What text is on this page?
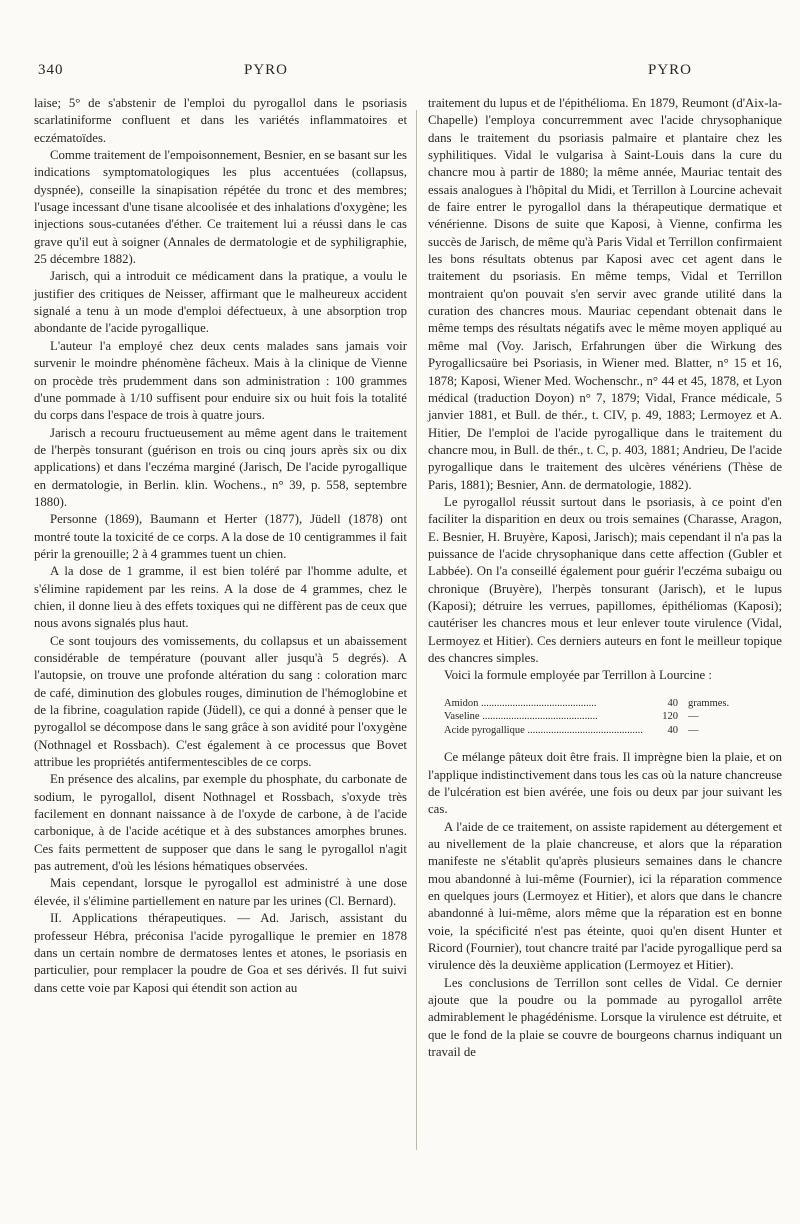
340	PYRO	PYRO

laise; 5° de s'abstenir de l'emploi du pyrogallol dans le psoriasis scarlatiniforme confluent et dans les variétés inflammatoires et eczématoïdes.

Comme traitement de l'empoisonnement, Besnier, en se basant sur les indications symptomatologiques les plus accentuées (collapsus, dyspnée), conseille la sinapisation répétée du tronc et des membres; l'usage incessant d'une tisane alcoolisée et des inhalations d'oxygène; les injections sous-cutanées d'éther. Ce traitement lui a réussi dans le cas grave qu'il eut à soigner (Annales de dermatologie et de syphiligraphie, 25 décembre 1882).

Jarisch, qui a introduit ce médicament dans la pratique, a voulu le justifier des critiques de Neisser, affirmant que le malheureux accident signalé a tenu à un mode d'emploi défectueux, à une absorption trop abondante de l'acide pyrogallique.

L'auteur l'a employé chez deux cents malades sans jamais voir survenir le moindre phénomène fâcheux. Mais à la clinique de Vienne on procède très prudemment dans son administration : 100 grammes d'une pommade à 1/10 suffisent pour enduire six ou huit fois la totalité du corps dans l'espace de trois à quatre jours.

Jarisch a recouru fructueusement au même agent dans le traitement de l'herpès tonsurant (guérison en trois ou cinq jours après six ou dix applications) et dans l'eczéma marginé (Jarisch, De l'acide pyrogallique en dermatologie, in Berlin. klin. Wochens., n° 39, p. 558, septembre 1880).

Personne (1869), Baumann et Herter (1877), Jüdell (1878) ont montré toute la toxicité de ce corps. A la dose de 10 centigrammes il fait périr la grenouille; 2 à 4 grammes tuent un chien.

A la dose de 1 gramme, il est bien toléré par l'homme adulte, et s'élimine rapidement par les reins. A la dose de 4 grammes, chez le chien, il donne lieu à des effets toxiques qui ne diffèrent pas de ceux que nous avons signalés plus haut.

Ce sont toujours des vomissements, du collapsus et un abaissement considérable de température (pouvant aller jusqu'à 5 degrés). A l'autopsie, on trouve une profonde altération du sang : coloration marc de café, diminution des globules rouges, diminution de l'hémoglobine et de la fibrine, coagulation rapide (Jüdell), ce qui a donné à penser que le pyrogallol se décompose dans le sang grâce à son avidité pour l'oxygène (Nothnagel et Rossbach). C'est également à ce processus que Bovet attribue les propriétés antifermentescibles de ce corps.

En présence des alcalins, par exemple du phosphate, du carbonate de sodium, le pyrogallol, disent Nothnagel et Rossbach, s'oxyde très facilement en donnant naissance à de l'oxyde de carbone, à de l'acide carbonique, à de l'acide acétique et à des substances amorphes brunes. Ces faits permettent de supposer que dans le sang le pyrogallol n'agit pas autrement, d'où les lésions hématiques observées.

Mais cependant, lorsque le pyrogallol est administré à une dose élevée, il s'élimine partiellement en nature par les urines (Cl. Bernard).

II. Applications thérapeutiques. — Ad. Jarisch, assistant du professeur Hébra, préconisa l'acide pyrogallique le premier en 1878 dans un certain nombre de dermatoses lentes et atones, le psoriasis en particulier, pour remplacer la poudre de Goa et ses dérivés. Il fut suivi dans cette voie par Kaposi qui étendit son action au

traitement du lupus et de l'épithélioma. En 1879, Reumont (d'Aix-la-Chapelle) l'employa concurremment avec l'acide chrysophanique dans le traitement du psoriasis palmaire et plantaire chez les syphilitiques. Vidal le vulgarisa à Saint-Louis dans la cure du chancre mou à partir de 1880; la même année, Mauriac tentait des essais analogues à l'hôpital du Midi, et Terrillon à Lourcine achevait de faire entrer le pyrogallol dans la thérapeutique dermatique et vénérienne. Disons de suite que Kaposi, à Vienne, confirma les succès de Jarisch, de même qu'à Paris Vidal et Terrillon confirmaient les bons résultats obtenus par Kaposi avec cet agent dans le traitement du psoriasis. En même temps, Vidal et Terrillon montraient qu'on pouvait s'en servir avec grande utilité dans la curation des chancres mous. Mauriac cependant obtenait dans le même temps des résultats négatifs avec le même moyen appliqué au même mal (Voy. Jarisch, Erfahrungen über die Wirkung des Pyrogallicsaüre bei Psoriasis, in Wiener med. Blatter, n° 15 et 16, 1878; Kaposi, Wiener Med. Wochenschr., n° 44 et 45, 1878, et Lyon médical (traduction Doyon) n° 7, 1879; Vidal, France médicale, 5 janvier 1881, et Bull. de thér., t. CIV, p. 49, 1883; Lermoyez et A. Hitier, De l'emploi de l'acide pyrogallique dans le traitement du chancre mou, in Bull. de thér., t. C, p. 403, 1881; Andrieu, De l'acide pyrogallique dans le traitement des ulcères vénériens (Thèse de Paris, 1881); Besnier, Ann. de dermatologie, 1882).

Le pyrogallol réussit surtout dans le psoriasis, à ce point d'en faciliter la disparition en deux ou trois semaines (Charasse, Aragon, E. Besnier, H. Bruyère, Kaposi, Jarisch); mais cependant il n'a pas la puissance de l'acide chrysophanique dans cette affection (Gubler et Labbée). On l'a conseillé également pour guérir l'eczéma subaigu ou chronique (Bruyère), l'herpès tonsurant (Jarisch), et le lupus (Kaposi); détruire les verrues, papillomes, épithéliomas (Kaposi); cautériser les chancres mous et leur enlever toute virulence (Vidal, Lermoyez et Hitier). Ces derniers auteurs en font le meilleur topique des chancres simples.

Voici la formule employée par Terrillon à Lourcine :

Amidon .....	40 grammes.
Vaseline .....	120 —
Acide pyrogallique .....	40 —

Ce mélange pâteux doit être frais. Il imprègne bien la plaie, et on l'applique indistinctivement dans tous les cas où la nature chancreuse de l'ulcération est bien avérée, une fois ou deux par jour suivant les cas.

A l'aide de ce traitement, on assiste rapidement au détergement et au nivellement de la plaie chancreuse, et alors que la réparation manifeste ne s'établit qu'après plusieurs semaines dans le chancre mou abandonné à lui-même (Fournier), ici la réparation commence en quelques jours (Lermoyez et Hitier), et alors que dans le chancre abandonné à lui-même, alors même que la réparation est en bonne voie, la spécificité n'est pas éteinte, quoi qu'en disent Hunter et Ricord (Fournier), tout chancre traité par l'acide pyrogallique perd sa virulence dès la deuxième application (Lermoyez et Hitier).

Les conclusions de Terrillon sont celles de Vidal. Ce dernier ajoute que la poudre ou la pommade au pyrogallol arrête admirablement le phagédénisme. Lorsque la virulence est détruite, et que le fond de la plaie se couvre de bourgeons charnus indiquant un travail de
